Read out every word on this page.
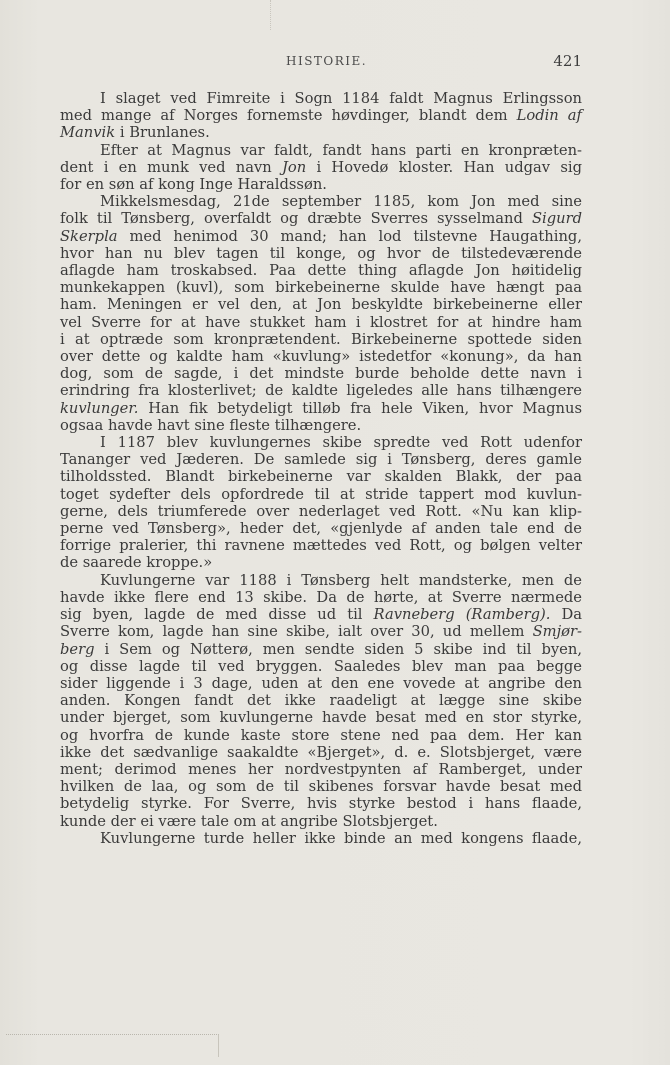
HISTORIE.	421
I slaget ved Fimreite i Sogn 1184 faldt Magnus Erlingsson
med mange af Norges fornemste høvdinger, blandt dem Lodin af
Manvik i Brunlanes.
Efter at Magnus var faldt, fandt hans parti en kronpræten-
dent i en munk ved navn Jon i Hovedø kloster. Han udgav sig
for en søn af kong Inge Haraldssøn.
Mikkelsmesdag, 21de september 1185, kom Jon med sine
folk til Tønsberg, overfaldt og dræbte Sverres sysselmand Sigurd
Skerpla med henimod 30 mand; han lod tilstevne Haugathing,
hvor han nu blev tagen til konge, og hvor de tilstedeværende
aflagde ham troskabsed. Paa dette thing aflagde Jon høitidelig
munkekappen (kuvl), som birkebeinerne skulde have hængt paa
ham. Meningen er vel den, at Jon beskyldte birkebeinerne eller
vel Sverre for at have stukket ham i klostret for at hindre ham
i at optræde som kronprætendent. Birkebeinerne spottede siden
over dette og kaldte ham «kuvlung» istedetfor «konung», da han
dog, som de sagde, i det mindste burde beholde dette navn i
erindring fra klosterlivet; de kaldte ligeledes alle hans tilhængere
kuvlunger. Han fik betydeligt tilløb fra hele Viken, hvor Magnus
ogsaa havde havt sine fleste tilhængere.
I 1187 blev kuvlungernes skibe spredte ved Rott udenfor
Tananger ved Jæderen. De samlede sig i Tønsberg, deres gamle
tilholdssted. Blandt birkebeinerne var skalden Blakk, der paa
toget sydefter dels opfordrede til at stride tappert mod kuvlun-
gerne, dels triumferede over nederlaget ved Rott. «Nu kan klip-
perne ved Tønsberg», heder det, «gjenlyde af anden tale end de
forrige pralerier, thi ravnene mættedes ved Rott, og bølgen velter
de saarede kroppe.»
Kuvlungerne var 1188 i Tønsberg helt mandsterke, men de
havde ikke flere end 13 skibe. Da de hørte, at Sverre nærmede
sig byen, lagde de med disse ud til Ravneberg (Ramberg). Da
Sverre kom, lagde han sine skibe, ialt over 30, ud mellem Smjør-
berg i Sem og Nøtterø, men sendte siden 5 skibe ind til byen,
og disse lagde til ved bryggen. Saaledes blev man paa begge
sider liggende i 3 dage, uden at den ene vovede at angribe den
anden. Kongen fandt det ikke raadeligt at lægge sine skibe
under bjerget, som kuvlungerne havde besat med en stor styrke,
og hvorfra de kunde kaste store stene ned paa dem. Her kan
ikke det sædvanlige saakaldte «Bjerget», d. e. Slotsbjerget, være
ment; derimod menes her nordvestpynten af Ramberget, under
hvilken de laa, og som de til skibenes forsvar havde besat med
betydelig styrke. For Sverre, hvis styrke bestod i hans flaade,
kunde der ei være tale om at angribe Slotsbjerget.
Kuvlungerne turde heller ikke binde an med kongens flaade,
